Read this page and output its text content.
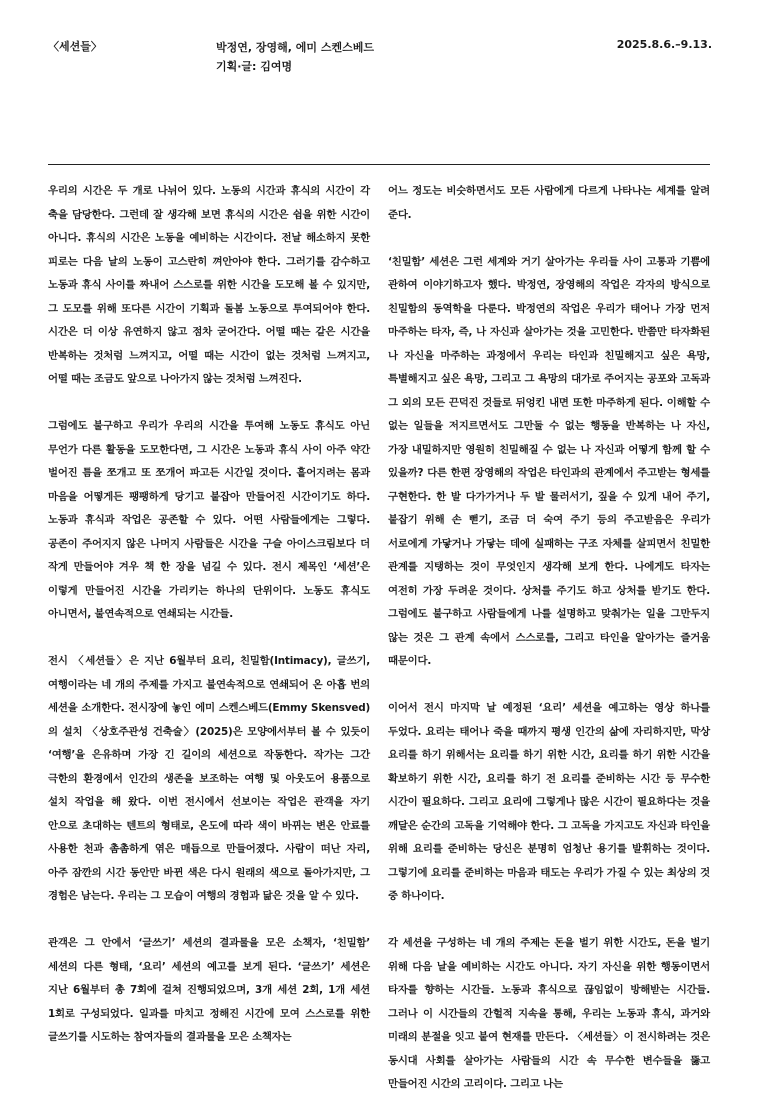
〈세션들〉	박정연, 장영해, 에미 스켄스베드
기획·글: 김여명
2025.8.6.–9.13.

우리의 시간은 두 개로 나뉘어 있다. 노동의 시간과 휴식의 시간이 각 축을 담당한다. 그런데 잘 생각해 보면 휴식의 시간은 쉼을 위한 시간이 아니다. 휴식의 시간은 노동을 예비하는 시간이다. 전날 해소하지 못한 피로는 다음 날의 노동이 고스란히 껴안아야 한다. 그러기를 감수하고 노동과 휴식 사이를 짜내어 스스로를 위한 시간을 도모해 볼 수 있지만, 그 도모를 위해 또다른 시간이 기획과 돌봄 노동으로 투여되어야 한다. 시간은 더 이상 유연하지 않고 점차 굳어간다. 어떨 때는 같은 시간을 반복하는 것처럼 느껴지고, 어떨 때는 시간이 없는 것처럼 느껴지고, 어떨 때는 조금도 앞으로 나아가지 않는 것처럼 느껴진다.

그럼에도 불구하고 우리가 우리의 시간을 투여해 노동도 휴식도 아닌 무언가 다른 활동을 도모한다면, 그 시간은 노동과 휴식 사이 아주 약간 벌어진 틈을 쪼개고 또 쪼개어 파고든 시간일 것이다. 흩어지려는 몸과 마음을 어떻게든 팽팽하게 당기고 붙잡아 만들어진 시간이기도 하다. 노동과 휴식과 작업은 공존할 수 있다. 어떤 사람들에게는 그렇다. 공존이 주어지지 않은 나머지 사람들은 시간을 구슬 아이스크림보다 더 작게 만들어야 겨우 책 한 장을 넘길 수 있다. 전시 제목인 ‘세션’은 이렇게 만들어진 시간을 가리키는 하나의 단위이다. 노동도 휴식도 아니면서, 불연속적으로 연쇄되는 시간들.

전시 〈세션들〉은 지난 6월부터 요리, 친밀함(Intimacy), 글쓰기, 여행이라는 네 개의 주제를 가지고 불연속적으로 연쇄되어 온 아홉 번의 세션을 소개한다. 전시장에 놓인 에미 스켄스베드(Emmy Skensved)의 설치 〈상호주관성 건축술〉(2025)은 모양에서부터 볼 수 있듯이 ‘여행’을 은유하며 가장 긴 길이의 세션으로 작동한다. 작가는 그간 극한의 환경에서 인간의 생존을 보조하는 여행 및 아웃도어 용품으로 설치 작업을 해 왔다. 이번 전시에서 선보이는 작업은 관객을 자기 안으로 초대하는 텐트의 형태로, 온도에 따라 색이 바뀌는 변온 안료를 사용한 천과 촘촘하게 엮은 매듭으로 만들어졌다. 사람이 떠난 자리, 아주 잠깐의 시간 동안만 바뀐 색은 다시 원래의 색으로 돌아가지만, 그 경험은 남는다. 우리는 그 모습이 여행의 경험과 닮은 것을 알 수 있다.

관객은 그 안에서 ‘글쓰기’ 세션의 결과물을 모은 소책자, ‘친밀함’ 세션의 다른 형태, ‘요리’ 세션의 예고를 보게 된다. ‘글쓰기’ 세션은 지난 6월부터 총 7회에 걸쳐 진행되었으며, 3개 세션 2회, 1개 세션 1회로 구성되었다. 일과를 마치고 정해진 시간에 모여 스스로를 위한 글쓰기를 시도하는 참여자들의 결과물을 모은 소책자는

어느 정도는 비슷하면서도 모든 사람에게 다르게 나타나는 세계를 알려 준다.

‘친밀함’ 세션은 그런 세계와 거기 살아가는 우리들 사이 고통과 기쁨에 관하여 이야기하고자 했다. 박정연, 장영해의 작업은 각자의 방식으로 친밀함의 동역학을 다룬다. 박정연의 작업은 우리가 태어나 가장 먼저 마주하는 타자, 즉, 나 자신과 살아가는 것을 고민한다. 반쯤만 타자화된 나 자신을 마주하는 과정에서 우리는 타인과 친밀해지고 싶은 욕망, 특별해지고 싶은 욕망, 그리고 그 욕망의 대가로 주어지는 공포와 고독과 그 외의 모든 끈덕진 것들로 뒤엉킨 내면 또한 마주하게 된다. 이해할 수 없는 일들을 저지르면서도 그만둘 수 없는 행동을 반복하는 나 자신, 가장 내밀하지만 영원히 친밀해질 수 없는 나 자신과 어떻게 함께 할 수 있을까? 다른 한편 장영해의 작업은 타인과의 관계에서 주고받는 형세를 구현한다. 한 발 다가가거나 두 발 물러서기, 짚을 수 있게 내어 주기, 붙잡기 위해 손 뻗기, 조금 더 숙여 주기 등의 주고받음은 우리가 서로에게 가닿거나 가닿는 데에 실패하는 구조 자체를 살피면서 친밀한 관계를 지탱하는 것이 무엇인지 생각해 보게 한다. 나에게도 타자는 여전히 가장 두려운 것이다. 상처를 주기도 하고 상처를 받기도 한다. 그럼에도 불구하고 사람들에게 나를 설명하고 맞춰가는 일을 그만두지 않는 것은 그 관계 속에서 스스로를, 그리고 타인을 알아가는 즐거움 때문이다.

이어서 전시 마지막 날 예정된 ‘요리’ 세션을 예고하는 영상 하나를 두었다. 요리는 태어나 죽을 때까지 평생 인간의 삶에 자리하지만, 막상 요리를 하기 위해서는 요리를 하기 위한 시간, 요리를 하기 위한 시간을 확보하기 위한 시간, 요리를 하기 전 요리를 준비하는 시간 등 무수한 시간이 필요하다. 그리고 요리에 그렇게나 많은 시간이 필요하다는 것을 깨달은 순간의 고독을 기억해야 한다. 그 고독을 가지고도 자신과 타인을 위해 요리를 준비하는 당신은 분명히 엄청난 용기를 발휘하는 것이다. 그렇기에 요리를 준비하는 마음과 태도는 우리가 가질 수 있는 최상의 것 중 하나이다.

각 세션을 구성하는 네 개의 주제는 돈을 벌기 위한 시간도, 돈을 벌기 위해 다음 날을 예비하는 시간도 아니다. 자기 자신을 위한 행동이면서 타자를 향하는 시간들. 노동과 휴식으로 끊임없이 방해받는 시간들. 그러나 이 시간들의 간헐적 지속을 통해, 우리는 노동과 휴식, 과거와 미래의 분절을 잇고 붙여 현재를 만든다. 〈세션들〉이 전시하려는 것은 동시대 사회를 살아가는 사람들의 시간 속 무수한 변수들을 뚫고 만들어진 시간의 고리이다. 그리고 나는
